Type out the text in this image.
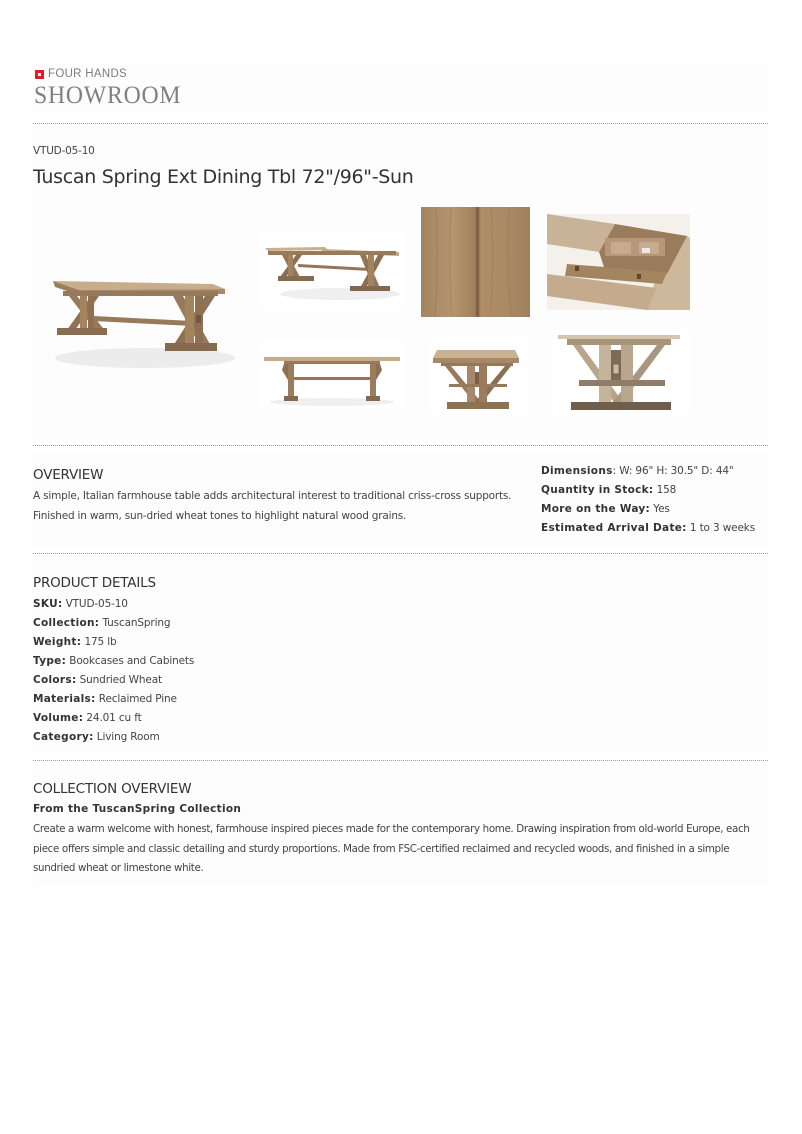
FOUR HANDS
SHOWROOM
VTUD-05-10
Tuscan Spring Ext Dining Tbl 72"/96"-Sun
OVERVIEW
A simple, Italian farmhouse table adds architectural interest to traditional criss-cross supports.
Finished in warm, sun-dried wheat tones to highlight natural wood grains.
Dimensions: W: 96" H: 30.5" D: 44"
Quantity in Stock: 158
More on the Way: Yes
Estimated Arrival Date: 1 to 3 weeks
PRODUCT DETAILS
SKU: VTUD-05-10
Collection: TuscanSpring
Weight: 175 lb
Type: Bookcases and Cabinets
Colors: Sundried Wheat
Materials: Reclaimed Pine
Volume: 24.01 cu ft
Category: Living Room
COLLECTION OVERVIEW
From the TuscanSpring Collection
Create a warm welcome with honest, farmhouse inspired pieces made for the contemporary home. Drawing inspiration from old-world Europe, each
piece offers simple and classic detailing and sturdy proportions. Made from FSC-certified reclaimed and recycled woods, and finished in a simple
sundried wheat or limestone white.
